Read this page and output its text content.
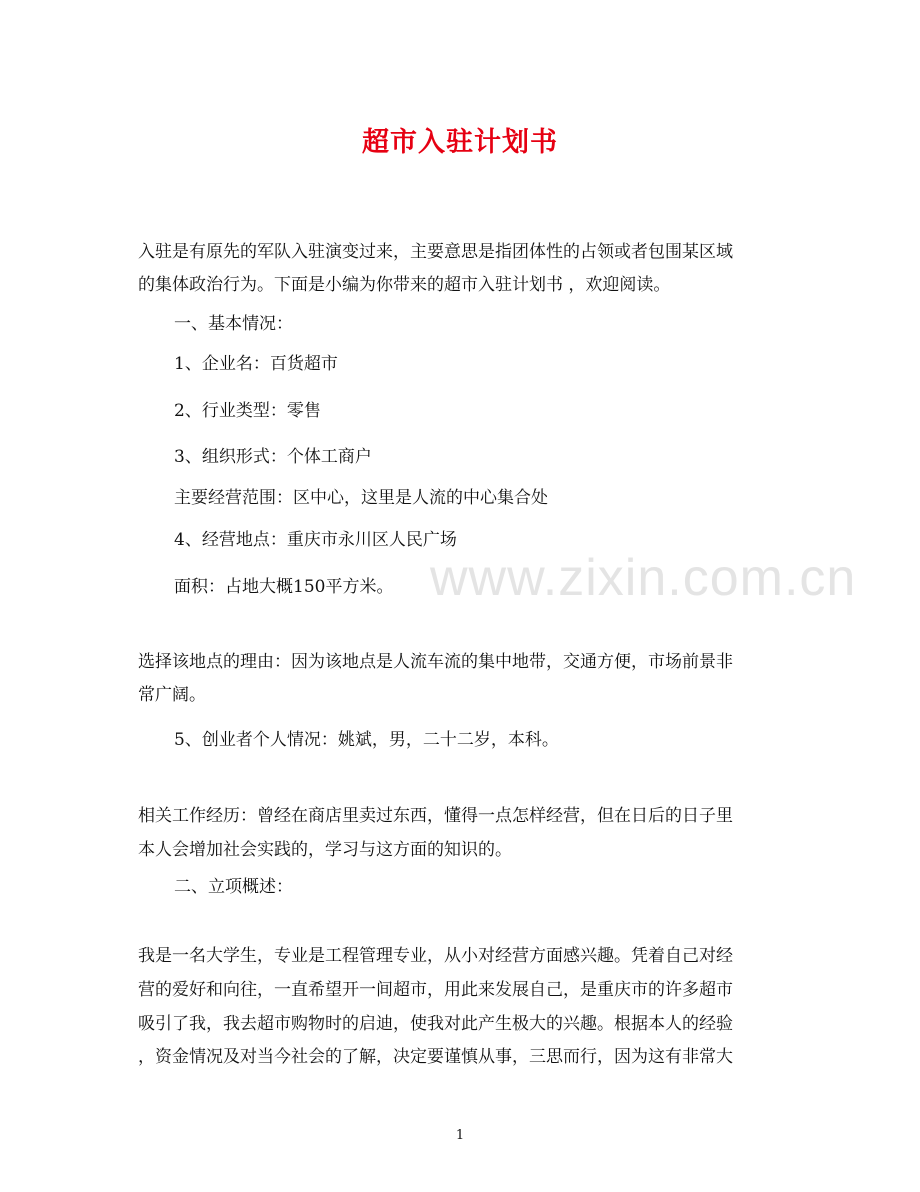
www.zixin.com.cn
超市入驻计划书

入驻是有原先的军队入驻演变过来，主要意思是指团体性的占领或者包围某区域

的集体政治行为。下面是小编为你带来的超市入驻计划书 ，欢迎阅读。

一、基本情况：

1、企业名：百货超市

2、行业类型：零售

3、组织形式：个体工商户

主要经营范围：区中心，这里是人流的中心集合处

4、经营地点：重庆市永川区人民广场

面积：占地大概150平方米。

选择该地点的理由：因为该地点是人流车流的集中地带，交通方便，市场前景非

常广阔。

5、创业者个人情况：姚斌，男，二十二岁，本科。

相关工作经历：曾经在商店里卖过东西，懂得一点怎样经营，但在日后的日子里

本人会增加社会实践的，学习与这方面的知识的。

二、立项概述：

我是一名大学生，专业是工程管理专业，从小对经营方面感兴趣。凭着自己对经

营的爱好和向往，一直希望开一间超市，用此来发展自己，是重庆市的许多超市

吸引了我，我去超市购物时的启迪，使我对此产生极大的兴趣。根据本人的经验

，资金情况及对当今社会的了解，决定要谨慎从事，三思而行，因为这有非常大

1
